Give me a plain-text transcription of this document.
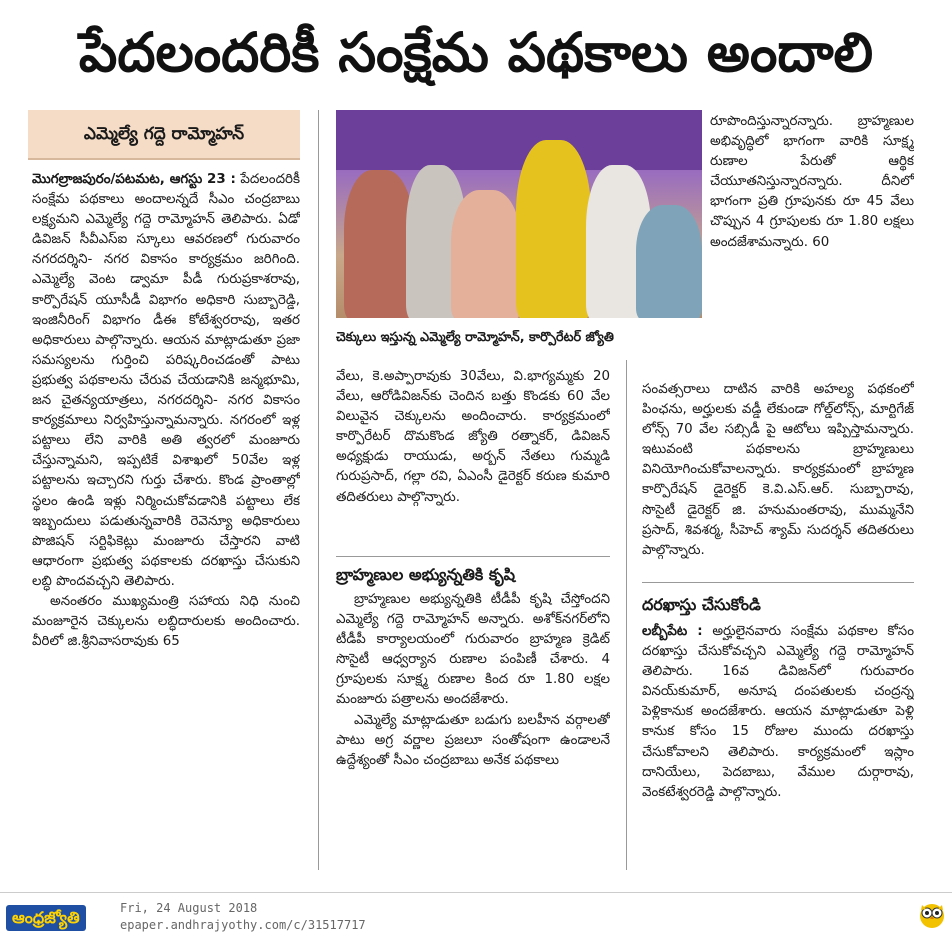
పేదలందరికీ సంక్షేమ పథకాలు అందాలి
ఎమ్మెల్యే గద్దె రామ్మోహన్

మొగల్రాజపురం/పటమట, ఆగస్టు 23 : పేదలందరికీ సంక్షేమ పథకాలు అందాలన్నదే సీఎం చంద్రబాబు లక్ష్యమని ఎమ్మెల్యే గద్దె రామ్మోహన్‌ తెలిపారు. ఏడో డివిజన్‌ సీవీఎస్‌ఐ స్కూలు ఆవరణలో గురువారం నగరదర్శిని- నగర వికాసం కార్యక్రమం జరిగింది. ఎమ్మెల్యే వెంట డ్వామా పీడీ గురుప్రకాశరావు, కార్పొరేషన్‌ యూసీడీ విభాగం అధికారి సుబ్బారెడ్డి, ఇంజినీరింగ్‌ విభాగం డీఈ కోటేశ్వరరావు, ఇతర అధికారులు పాల్గొన్నారు. ఆయన మాట్లాడుతూ ప్రజా సమస్యలను గుర్తించి పరిష్కరించడంతో పాటు ప్రభుత్వ పథకాలను చేరువ చేయడానికి జన్మభూమి, జన చైతన్యయాత్రలు, నగరదర్శిని- నగర వికాసం కార్యక్రమాలు నిర్వహిస్తున్నామన్నారు. నగరంలో ఇళ్ల పట్టాలు లేని వారికి అతి త్వరలో మంజూరు చేస్తున్నామని, ఇప్పటికే విశాఖలో 50వేల ఇళ్ల పట్టాలను ఇచ్చారని గుర్తు చేశారు. కొండ ప్రాంతాల్లో స్థలం ఉండి ఇళ్లు నిర్మించుకోవడానికి పట్టాలు లేక ఇబ్బందులు పడుతున్నవారికి రెవెన్యూ అధికారులు పొజిషన్‌ సర్టిఫికెట్లు మంజూరు చేస్తారని వాటి ఆధారంగా ప్రభుత్వ పథకాలకు దరఖాస్తు చేసుకుని లబ్ధి పొందవచ్చని తెలిపారు.

అనంతరం ముఖ్యమంత్రి సహాయ నిధి నుంచి మంజూరైన చెక్కులను లబ్ధిదారులకు అందించారు. వీరిలో జి.శ్రీనివాసరావుకు 65

చెక్కులు ఇస్తున్న ఎమ్మెల్యే రామ్మోహన్‌, కార్పొరేటర్‌ జ్యోతి

వేలు, కె.అప్పారావుకు 30వేలు, వి.భాగ్యమ్మకు 20 వేలు, ఆరోడివిజన్‌కు చెందిన బత్తు కొండకు 60 వేల విలువైన చెక్కులను అందించారు. కార్యక్రమంలో కార్పొరేటర్‌ దొమకొండ జ్యోతి రత్నాకర్‌, డివిజన్‌ అధ్యక్షుడు రాయుడు, అర్బన్‌ నేతలు గుమ్మడి గురుప్రసాద్‌, గల్లా రవి, ఏఎంసీ డైరెక్టర్‌ కరుణ కుమారి తదితరులు పాల్గొన్నారు.

బ్రాహ్మణుల అభ్యున్నతికి కృషి

బ్రాహ్మణుల అభ్యున్నతికి టీడీపీ కృషి చేస్తోందని ఎమ్మెల్యే గద్దె రామ్మోహన్‌ అన్నారు. అశోక్‌నగర్‌లోని టీడీపీ కార్యాలయంలో గురువారం బ్రాహ్మణ క్రెడిట్‌ సొసైటీ ఆధ్వర్యాన రుణాల పంపిణీ చేశారు. 4 గ్రూపులకు సూక్ష్మ రుణాల కింద రూ 1.80 లక్షల మంజూరు పత్రాలను అందజేశారు.

ఎమ్మెల్యే మాట్లాడుతూ బడుగు బలహీన వర్గాలతో పాటు అగ్ర వర్ణాల ప్రజలూ సంతోషంగా ఉండాలనే ఉద్దేశ్యంతో సీఎం చంద్రబాబు అనేక పథకాలు

రూపొందిస్తున్నారన్నారు. బ్రాహ్మణుల అభివృద్ధిలో భాగంగా వారికి సూక్ష్మ రుణాల పేరుతో ఆర్థిక చేయూతనిస్తున్నారన్నారు. దీనిలో భాగంగా ప్రతి గ్రూపునకు రూ 45 వేలు చొప్పున 4 గ్రూపులకు రూ 1.80 లక్షలు అందజేశామన్నారు. 60

సంవత్సరాలు దాటిన వారికి అహల్య పథకంలో పింఛను, అర్హులకు వడ్డీ లేకుండా గోల్డ్‌లోన్స్‌, మార్టిగేజ్‌ లోన్స్‌ 70 వేల సబ్సిడీ పై ఆటోలు ఇప్పిస్తామన్నారు. ఇటువంటి పథకాలను బ్రాహ్మణులు వినియోగించుకోవాలన్నారు. కార్యక్రమంలో బ్రాహ్మణ కార్పొరేషన్‌ డైరెక్టర్‌ కె.వి.ఎస్‌.ఆర్‌. సుబ్బారావు, సొసైటీ డైరెక్టర్‌ జి. హనుమంతరావు, ముమ్మనేని ప్రసాద్‌, శివశర్మ, సీహెచ్‌ శ్యామ్‌ సుదర్శన్‌ తదితరులు పాల్గొన్నారు.

దరఖాస్తు చేసుకోండి

లబ్బీపేట : అర్హులైనవారు సంక్షేమ పథకాల కోసం దరఖాస్తు చేసుకోవచ్చని ఎమ్మెల్యే గద్దె రామ్మోహన్‌ తెలిపారు. 16వ డివిజన్‌లో గురువారం వినయ్‌కుమార్‌, అనూష దంపతులకు చంద్రన్న పెళ్లికానుక అందజేశారు. ఆయన మాట్లాడుతూ పెళ్లి కానుక కోసం 15 రోజుల ముందు దరఖాస్తు చేసుకోవాలని తెలిపారు. కార్యక్రమంలో ఇస్లాం దానియేలు, పెదబాబు, వేముల దుర్గారావు, వెంకటేశ్వరరెడ్డి పాల్గొన్నారు.

ఆంధ్రజ్యోతి	Fri, 24 August 2018
epaper.andhrajyothy.com/c/31517717
